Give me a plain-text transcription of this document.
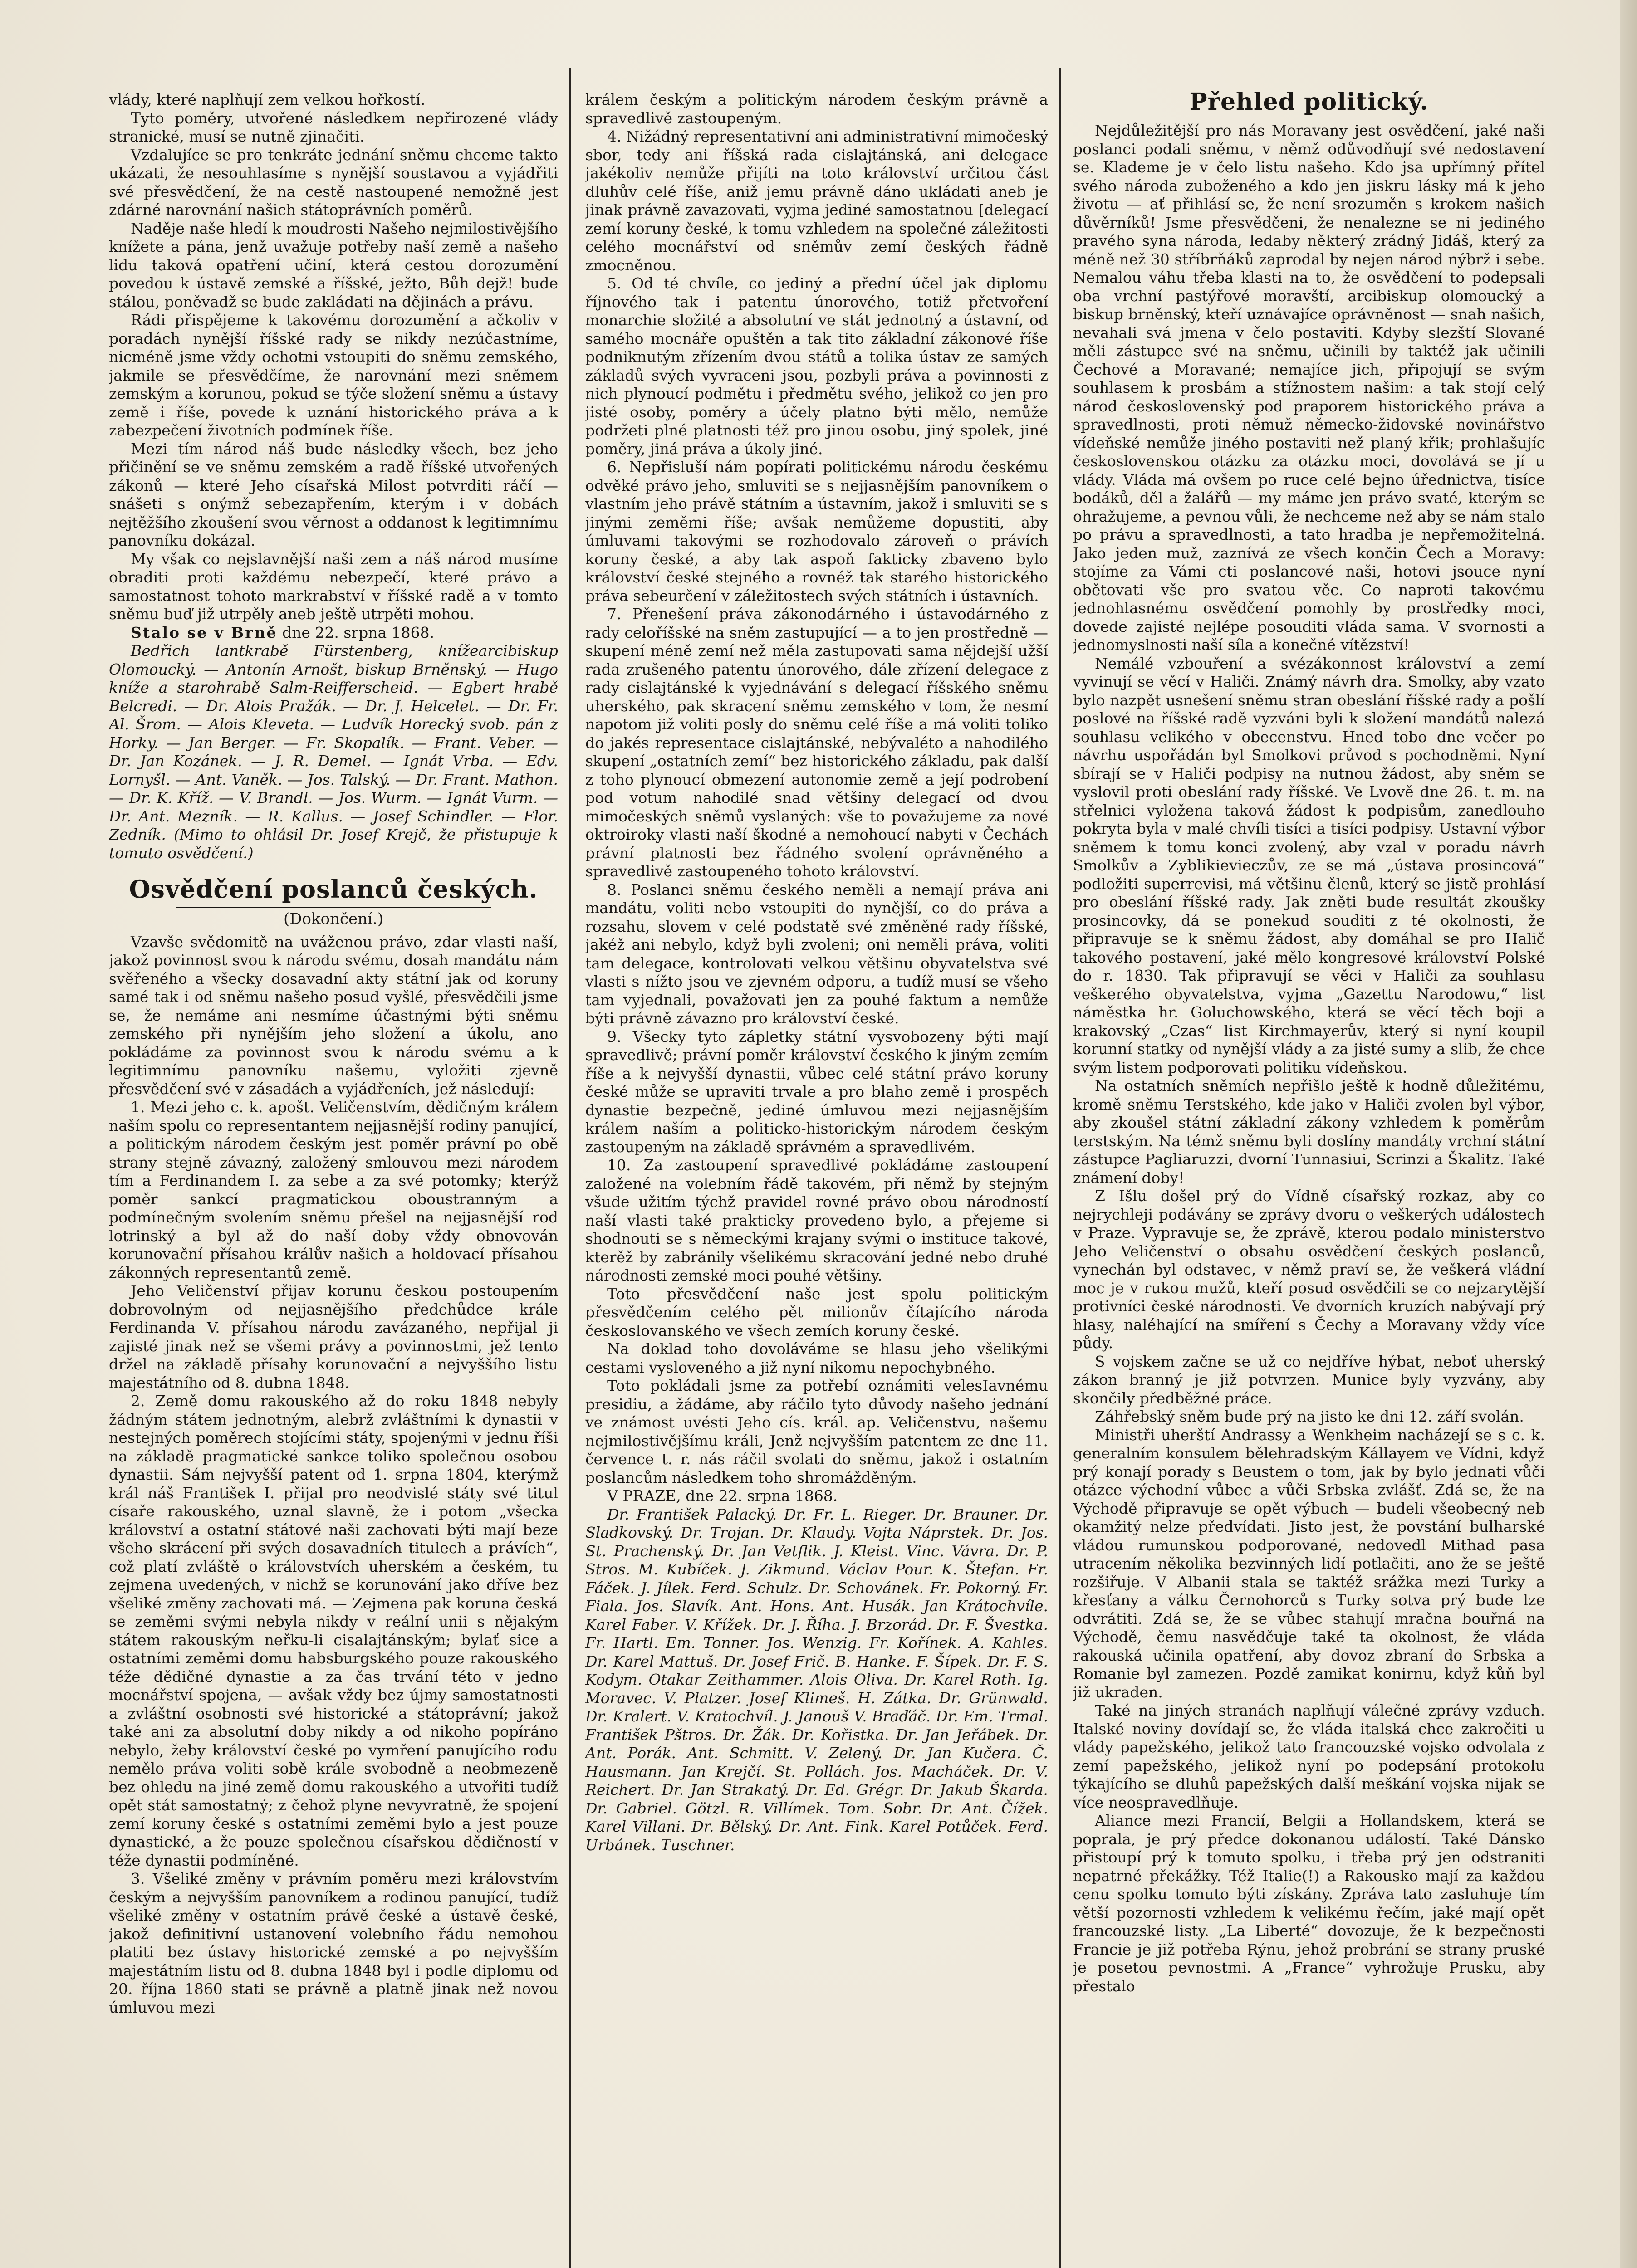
vlády, které naplňují zem velkou hořkostí.

Tyto poměry, utvořené následkem nepřirozené vlády stranické, musí se nutně zjinačiti.

Vzdalujíce se pro tenkráte jednání sněmu chceme takto ukázati, že nesouhlasíme s nynější soustavou a vyjádřiti své přesvědčení, že na cestě nastoupené nemožně jest zdárné narovnání našich státoprávních poměrů.

Naděje naše hledí k moudrosti Našeho nejmilostivějšího knížete a pána, jenž uvažuje potřeby naší země a našeho lidu taková opatření učiní, která cestou dorozumění povedou k ústavě zemské a říšské, ježto, Bůh dejž! bude stálou, poněvadž se bude zakládati na dějinách a právu.

Rádi přispějeme k takovému dorozumění a ačkoliv v poradách nynější říšské rady se nikdy nezúčastníme, nicméně jsme vždy ochotni vstoupiti do sněmu zemského, jakmile se přesvědčíme, že narovnání mezi sněmem zemským a korunou, pokud se týče složení sněmu a ústavy země i říše, povede k uznání historického práva a k zabezpečení životních podmínek říše.

Mezi tím národ náš bude následky všech, bez jeho přičinění se ve sněmu zemském a radě říšské utvořených zákonů — které Jeho císařská Milost potvrditi ráčí — snášeti s onýmž sebezapřením, kterým i v dobách nejtěžšího zkoušení svou věrnost a oddanost k legitimnímu panovníku dokázal.

My však co nejslavnější naši zem a náš národ musíme obraditi proti každému nebezpečí, které právo a samostatnost tohoto markrabství v říšské radě a v tomto sněmu buď již utrpěly aneb ještě utrpěti mohou.

Stalo se v Brně dne 22. srpna 1868.

Bedřich lantkrabě Fürstenberg, knížearcibiskup Olomoucký. — Antonín Arnošt, biskup Brněnský. — Hugo kníže a starohrabě Salm-Reifferscheid. — Egbert hrabě Belcredi. — Dr. Alois Pražák. — Dr. J. Helcelet. — Dr. Fr. Al. Šrom. — Alois Kleveta. — Ludvík Horecký svob. pán z Horky. — Jan Berger. — Fr. Skopalík. — Frant. Veber. — Dr. Jan Kozánek. — J. R. Demel. — Ignát Vrba. — Edv. Lornyšl. — Ant. Vaněk. — Jos. Talský. — Dr. Frant. Mathon. — Dr. K. Kříž. — V. Brandl. — Jos. Wurm. — Ignát Vurm. — Dr. Ant. Mezník. — R. Kallus. — Josef Schindler. — Flor. Zedník. (Mimo to ohlásil Dr. Josef Krejč, že přistupuje k tomuto osvědčení.)

Osvědčení poslanců českých.
(Dokončení.)

Vzavše svědomitě na uváženou právo, zdar vlasti naší, jakož povinnost svou k národu svému, dosah mandátu nám svěřeného a všecky dosavadní akty státní jak od koruny samé tak i od sněmu našeho posud vyšlé, přesvědčili jsme se, že nemáme ani nesmíme účastnými býti sněmu zemského při nynějším jeho složení a úkolu, ano pokládáme za povinnost svou k národu svému a k legitimnímu panovníku našemu, vyložiti zjevně přesvědčení své v zásadách a vyjádřeních, jež následují:

1. Mezi jeho c. k. apošt. Veličenstvím, dědičným králem naším spolu co representantem nejjasnější rodiny panující, a politickým národem českým jest poměr právní po obě strany stejně závazný, založený smlouvou mezi národem tím a Ferdinandem I. za sebe a za své potomky; kterýž poměr sankcí pragmatickou oboustranným a podmínečným svolením sněmu přešel na nejjasnější rod lotrinský a byl až do naší doby vždy obnovován korunovační přísahou králův našich a holdovací přísahou zákonných representantů země.

Jeho Veličenství přijav korunu českou postoupením dobrovolným od nejjasnějšího předchůdce krále Ferdinanda V. přísahou národu zavázaného, nepřijal ji zajisté jinak než se všemi právy a povinnostmi, jež tento držel na základě přísahy korunovační a nejvyššího listu majestátního od 8. dubna 1848.

2. Země domu rakouského až do roku 1848 nebyly žádným státem jednotným, alebrž zvláštními k dynastii v nestejných poměrech stojícími státy, spojenými v jednu říši na základě pragmatické sankce toliko společnou osobou dynastii. Sám nejvyšší patent od 1. srpna 1804, kterýmž král náš František I. přijal pro neodvislé státy své titul císaře rakouského, uznal slavně, že i potom „všecka království a ostatní státové naši zachovati býti mají beze všeho skrácení při svých dosavadních titulech a právích“, což platí zvláště o královstvích uherském a českém, tu zejmena uvedených, v nichž se korunování jako dříve bez všeliké změny zachovati má. — Zejmena pak koruna česká se zeměmi svými nebyla nikdy v reální unii s nějakým státem rakouským neřku-li cisalajtánským; bylať sice a ostatními zeměmi domu habsburgského pouze rakouského téže dědičné dynastie a za čas trvání této v jedno mocnářství spojena, — avšak vždy bez újmy samostatnosti a zvláštní osobnosti své historické a státoprávní; jakož také ani za absolutní doby nikdy a od nikoho popíráno nebylo, žeby království české po vymření panujícího rodu nemělo práva voliti sobě krále svobodně a neobmezeně bez ohledu na jiné země domu rakouského a utvořiti tudíž opět stát samostatný; z čehož plyne nevyvratně, že spojení zemí koruny české s ostatními zeměmi bylo a jest pouze dynastické, a že pouze společnou císařskou dědičností v téže dynastii podmíněné.

3. Všeliké změny v právním poměru mezi královstvím českým a nejvyšším panovníkem a rodinou panující, tudíž všeliké změny v ostatním právě české a ústavě české, jakož definitivní ustanovení volebního řádu nemohou platiti bez ústavy historické zemské a po nejvyšším majestátním listu od 8. dubna 1848 byl i podle diplomu od 20. října 1860 stati se právně a platně jinak než novou úmluvou mezi

králem českým a politickým národem českým právně a spravedlivě zastoupeným.

4. Nižádný representativní ani administrativní mimočeský sbor, tedy ani říšská rada cislajtánská, ani delegace jakékoliv nemůže přijíti na toto království určitou část dluhův celé říše, aniž jemu právně dáno ukládati aneb je jinak právně zavazovati, vyjma jediné samostatnou [delegací zemí koruny české, k tomu vzhledem na společné záležitosti celého mocnářství od sněmův zemí českých řádně zmocněnou.

5. Od té chvíle, co jediný a přední účel jak diplomu říjnového tak i patentu únorového, totiž přetvoření monarchie složité a absolutní ve stát jednotný a ústavní, od samého mocnáře opuštěn a tak tito základní zákonové říše podniknutým zřízením dvou států a tolika ústav ze samých základů svých vyvraceni jsou, pozbyli práva a povinnosti z nich plynoucí podmětu i předmětu svého, jelikož co jen pro jisté osoby, poměry a účely platno býti mělo, nemůže podržeti plné platnosti též pro jinou osobu, jiný spolek, jiné poměry, jiná práva a úkoly jiné.

6. Nepřisluší nám popírati politickému národu českému odvěké právo jeho, smluviti se s nejjasnějším panovníkem o vlastním jeho právě státním a ústavním, jakož i smluviti se s jinými zeměmi říše; avšak nemůžeme dopustiti, aby úmluvami takovými se rozhodovalo zároveň o právích koruny české, a aby tak aspoň fakticky zbaveno bylo království české stejného a rovnéž tak starého historického práva sebeurčení v záležitostech svých státních i ústavních.

7. Přenešení práva zákonodárného i ústavodárného z rady celoříšské na sněm zastupující — a to jen prostředně — skupení méně zemí než měla zastupovati sama nějdejší užší rada zrušeného patentu únorového, dále zřízení delegace z rady cislajtánské k vyjednávání s delegací říšského sněmu uherského, pak skracení sněmu zemského v tom, že nesmí napotom již voliti posly do sněmu celé říše a má voliti toliko do jakés representace cislajtánské, nebývaléto a nahodilého skupení „ostatních zemí“ bez historického základu, pak další z toho plynoucí obmezení autonomie země a její podrobení pod votum nahodilé snad většiny delegací od dvou mimočeských sněmů vyslaných: vše to považujeme za nové oktroiroky vlasti naší škodné a nemohoucí nabyti v Čechách právní platnosti bez řádného svolení oprávněného a spravedlivě zastoupeného tohoto království.

8. Poslanci sněmu českého neměli a nemají práva ani mandátu, voliti nebo vstoupiti do nynější, co do práva a rozsahu, slovem v celé podstatě své změněné rady říšské, jakéž ani nebylo, když byli zvoleni; oni neměli práva, voliti tam delegace, kontrolovati velkou většinu obyvatelstva své vlasti s nížto jsou ve zjevném odporu, a tudíž musí se všeho tam vyjednali, považovati jen za pouhé faktum a nemůže býti právně závazno pro království české.

9. Všecky tyto zápletky státní vysvobozeny býti mají spravedlivě; právní poměr království českého k jiným zemím říše a k nejvyšší dynastii, vůbec celé státní právo koruny české může se upraviti trvale a pro blaho země i prospěch dynastie bezpečně, jediné úmluvou mezi nejjasnějším králem naším a politicko-historickým národem českým zastoupeným na základě správném a spravedlivém.

10. Za zastoupení spravedlivé pokládáme zastoupení založené na volebním řádě takovém, při němž by stejným všude užitím týchž pravidel rovné právo obou národností naší vlasti také prakticky provedeno bylo, a přejeme si shodnouti se s německými krajany svými o instituce takové, kterěž by zabránily všelikému skracování jedné nebo druhé národnosti zemské moci pouhé většiny.

Toto přesvědčení naše jest spolu politickým přesvědčením celého pět milionův čítajícího národa českoslovanského ve všech zemích koruny české.

Na doklad toho dovoláváme se hlasu jeho všelikými cestami vysloveného a již nyní nikomu nepochybného.

Toto pokládali jsme za potřebí oznámiti velesIavnému presidiu, a žádáme, aby ráčilo tyto důvody našeho jednání ve známost uvésti Jeho cís. král. ap. Veličenstvu, našemu nejmilostivějšímu králi, Jenž nejvyšším patentem ze dne 11. července t. r. nás ráčil svolati do sněmu, jakož i ostatním poslancům následkem toho shromážděným.

V PRAZE, dne 22. srpna 1868.

Dr. František Palacký. Dr. Fr. L. Rieger. Dr. Brauner. Dr. Sladkovský. Dr. Trojan. Dr. Klaudy. Vojta Náprstek. Dr. Jos. St. Prachenský. Dr. Jan Vetflik. J. Kleist. Vinc. Vávra. Dr. P. Stros. M. Kubíček. J. Zikmund. Václav Pour. K. Štefan. Fr. Fáček. J. Jílek. Ferd. Schulz. Dr. Schovánek. Fr. Pokorný. Fr. Fiala. Jos. Slavík. Ant. Hons. Ant. Husák. Jan Krátochvíle. Karel Faber. V. Křížek. Dr. J. Říha. J. Brzorád. Dr. F. Švestka. Fr. Hartl. Em. Tonner. Jos. Wenzig. Fr. Kořínek. A. Kahles. Dr. Karel Mattuš. Dr. Josef Frič. B. Hanke. F. Šípek. Dr. F. S. Kodym. Otakar Zeithammer. Alois Oliva. Dr. Karel Roth. Ig. Moravec. V. Platzer. Josef Klimeš. H. Zátka. Dr. Grünwald. Dr. Kralert. V. Kratochvíl. J. Janouš V. Braďáč. Dr. Em. Trmal. František Pštros. Dr. Žák. Dr. Kořistka. Dr. Jan Jeřábek. Dr. Ant. Porák. Ant. Schmitt. V. Zelený. Dr. Jan Kučera. Č. Hausmann. Jan Krejčí. St. Pollách. Jos. Macháček. Dr. V. Reichert. Dr. Jan Strakatý. Dr. Ed. Grégr. Dr. Jakub Škarda. Dr. Gabriel. Götzl. R. Villímek. Tom. Sobr. Dr. Ant. Čížek. Karel Villani. Dr. Bělský. Dr. Ant. Fink. Karel Potůček. Ferd. Urbánek. Tuschner.

Přehled politický.

Nejdůležitější pro nás Moravany jest osvědčení, jaké naši poslanci podali sněmu, v němž odůvodňují své nedostavení se. Klademe je v čelo listu našeho. Kdo jsa upřímný přítel svého národa zuboženého a kdo jen jiskru lásky má k jeho životu — ať přihlásí se, že není srozuměn s krokem našich důvěrníků! Jsme přesvědčeni, že nenalezne se ni jediného pravého syna národa, ledaby některý zrádný Jidáš, který za méně než 30 stříbrňáků zaprodal by nejen národ nýbrž i sebe. Nemalou váhu třeba klasti na to, že osvědčení to podepsali oba vrchní pastýřové moravští, arcibiskup olomoucký a biskup brněnský, kteří uznávajíce oprávněnost — snah našich, nevahali svá jmena v čelo postaviti. Kdyby slezští Slované měli zástupce své na sněmu, učinili by taktéž jak učinili Čechové a Moravané; nemajíce jich, připojují se svým souhlasem k prosbám a stížnostem našim: a tak stojí celý národ československý pod praporem historického práva a spravedlnosti, proti němuž německo-židovské novinářstvo vídeňské nemůže jiného postaviti než planý křik; prohlašujíc československou otázku za otázku moci, dovolává se jí u vlády. Vláda má ovšem po ruce celé bejno úřednictva, tisíce bodáků, děl a žalářů — my máme jen právo svaté, kterým se ohražujeme, a pevnou vůli, že nechceme než aby se nám stalo po právu a spravedlnosti, a tato hradba je nepřemožitelná. Jako jeden muž, zaznívá ze všech končin Čech a Moravy: stojíme za Vámi cti poslancové naši, hotovi jsouce nyní obětovati vše pro svatou věc. Co naproti takovému jednohlasnému osvědčení pomohly by prostředky moci, dovede zajisté nejlépe posouditi vláda sama. V svornosti a jednomyslnosti naší síla a konečné vítězství!

Nemálé vzbouření a svézákonnost království a zemí vyvinují se věcí v Haliči. Známý návrh dra. Smolky, aby vzato bylo nazpět usnešení sněmu stran obeslání říšské rady a pošlí poslové na říšské radě vyzváni byli k složení mandátů nalezá souhlasu velikého v obecenstvu. Hned tobo dne večer po návrhu uspořádán byl Smolkovi průvod s pochodněmi. Nyní sbírají se v Haliči podpisy na nutnou žádost, aby sněm se vyslovil proti obeslání rady říšské. Ve Lvově dne 26. t. m. na střelnici vyložena taková žádost k podpisům, zanedlouho pokryta byla v malé chvíli tisíci a tisíci podpisy. Ustavní výbor sněmem k tomu konci zvolený, aby vzal v poradu návrh Smolkův a Zyblikievieczův, ze se má „ústava prosincová“ podložiti superrevisi, má většinu členů, který se jistě prohlásí pro obeslání říšské rady. Jak zněti bude resultát zkoušky prosincovky, dá se ponekud souditi z té okolnosti, že připravuje se k sněmu žádost, aby domáhal se pro Halič takového postavení, jaké mělo kongresové království Polské do r. 1830. Tak připravují se věci v Haliči za souhlasu veškerého obyvatelstva, vyjma „Gazettu Narodowu,“ list náměstka hr. Goluchowského, která se věcí těch boji a krakovský „Czas“ list Kirchmayerův, který si nyní koupil korunní statky od nynější vlády a za jisté sumy a slib, že chce svým listem podporovati politiku vídeňskou.

Na ostatních sněmích nepřišlo ještě k hodně důležitému, kromě sněmu Terstského, kde jako v Haliči zvolen byl výbor, aby zkoušel státní základní zákony vzhledem k poměrům terstským. Na témž sněmu byli doslíny mandáty vrchní státní zástupce Pagliaruzzi, dvorní Tunnasiui, Scrinzi a Škalitz. Také známení doby!

Z Išlu došel prý do Vídně císařský rozkaz, aby co nejrychleji podávány se zprávy dvoru o veškerých událostech v Praze. Vypravuje se, že zprávě, kterou podalo ministerstvo Jeho Veličenství o obsahu osvědčení českých poslanců, vynechán byl odstavec, v němž praví se, že veškerá vládní moc je v rukou mužů, kteří posud osvědčili se co nejzarytější protivníci české národnosti. Ve dvorních kruzích nabývají prý hlasy, naléhající na smíření s Čechy a Moravany vždy více půdy.

S vojskem začne se už co nejdříve hýbat, neboť uherský zákon branný je již potvrzen. Munice byly vyzvány, aby skončily předběžné práce.

Záhřebský sněm bude prý na jisto ke dni 12. září svolán.

Ministři uherští Andrassy a Wenkheim nacházejí se s c. k. generalním konsulem bělehradským Kállayem ve Vídni, když prý konají porady s Beustem o tom, jak by bylo jednati vůči otázce východní vůbec a vůči Srbska zvlášť. Zdá se, že na Východě připravuje se opět výbuch — budeli všeobecný neb okamžitý nelze předvídati. Jisto jest, že povstání bulharské vládou rumunskou podporované, nedovedl Mithad pasa utracením několika bezvinných lidí potlačiti, ano že se ještě rozšiřuje. V Albanii stala se taktéž srážka mezi Turky a křesťany a válku Černohorců s Turky sotva prý bude lze odvrátiti. Zdá se, že se vůbec stahují mračna bouřná na Východě, čemu nasvědčuje také ta okolnost, že vláda rakouská učinila opatření, aby dovoz zbraní do Srbska a Romanie byl zamezen. Pozdě zamikat konirnu, když kůň byl již ukraden.

Také na jiných stranách naplňují válečné zprávy vzduch. Italské noviny dovídají se, že vláda italská chce zakročiti u vlády papežského, jelikož tato francouzské vojsko odvolala z zemí papežského, jelikož nyní po podepsání protokolu týkajícího se dluhů papežských další meškání vojska nijak se více neospravedlňuje.

Aliance mezi Francií, Belgii a Hollandskem, která se poprala, je prý předce dokonanou událostí. Také Dánsko přistoupí prý k tomuto spolku, i třeba prý jen odstraniti nepatrné překážky. Též Italie(!) a Rakousko mají za každou cenu spolku tomuto býti získány. Zpráva tato zasluhuje tím větší pozornosti vzhledem k velikému řečím, jaké mají opět francouzské listy. „La Liberté“ dovozuje, že k bezpečnosti Francie je již potřeba Rýnu, jehož probrání se strany pruské je posetou pevnostmi. A „France“ vyhrožuje Prusku, aby přestalo
